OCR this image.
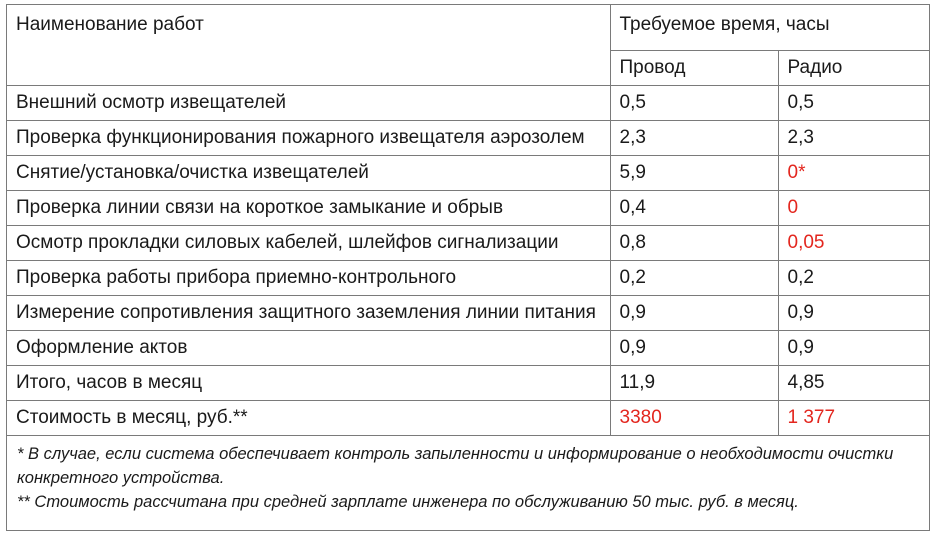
Наименование работ	Требуемое время, часы	
	Провод	Радио
Внешний осмотр извещателей	0,5	0,5
Проверка функционирования пожарного извещателя аэрозолем	2,3	2,3
Снятие/установка/очистка извещателей	5,9	0*
Проверка линии связи на короткое замыкание и обрыв	0,4	0
Осмотр прокладки силовых кабелей, шлейфов сигнализации	0,8	0,05
Проверка работы прибора приемно-контрольного	0,2	0,2
Измерение сопротивления защитного заземления линии питания	0,9	0,9
Оформление актов	0,9	0,9
Итого, часов в месяц	11,9	4,85
Стоимость в месяц, руб.**	3380	1 377

* В случае, если система обеспечивает контроль запыленности и информирование о необходимости очистки конкретного устройства.

** Стоимость рассчитана при средней зарплате инженера по обслуживанию 50 тыс. руб. в месяц.
